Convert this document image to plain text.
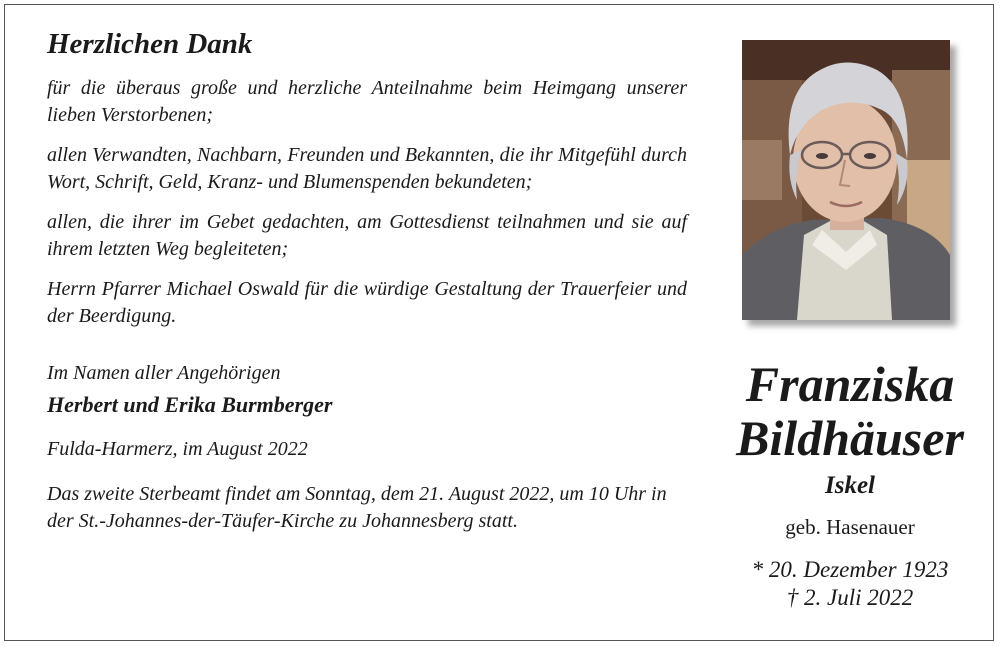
Herzlichen Dank

für die überaus große und herzliche Anteilnahme beim Heimgang unserer lieben Verstorbenen;

allen Verwandten, Nachbarn, Freunden und Bekannten, die ihr Mitgefühl durch Wort, Schrift, Geld, Kranz- und Blumenspenden bekundeten;

allen, die ihrer im Gebet gedachten, am Gottesdienst teilnahmen und sie auf ihrem letzten Weg begleiteten;

Herrn Pfarrer Michael Oswald für die würdige Gestaltung der Trauerfeier und der Beerdigung.

Im Namen aller Angehörigen
Herbert und Erika Burmberger
Fulda-Harmerz, im August 2022
Das zweite Sterbeamt findet am Sonntag, dem 21. August 2022, um 10 Uhr in der St.-Johannes-der-Täufer-Kirche zu Johannesberg statt.
Franziska
Bildhäuser
Iskel
geb. Hasenauer
* 20. Dezember 1923
† 2. Juli 2022
